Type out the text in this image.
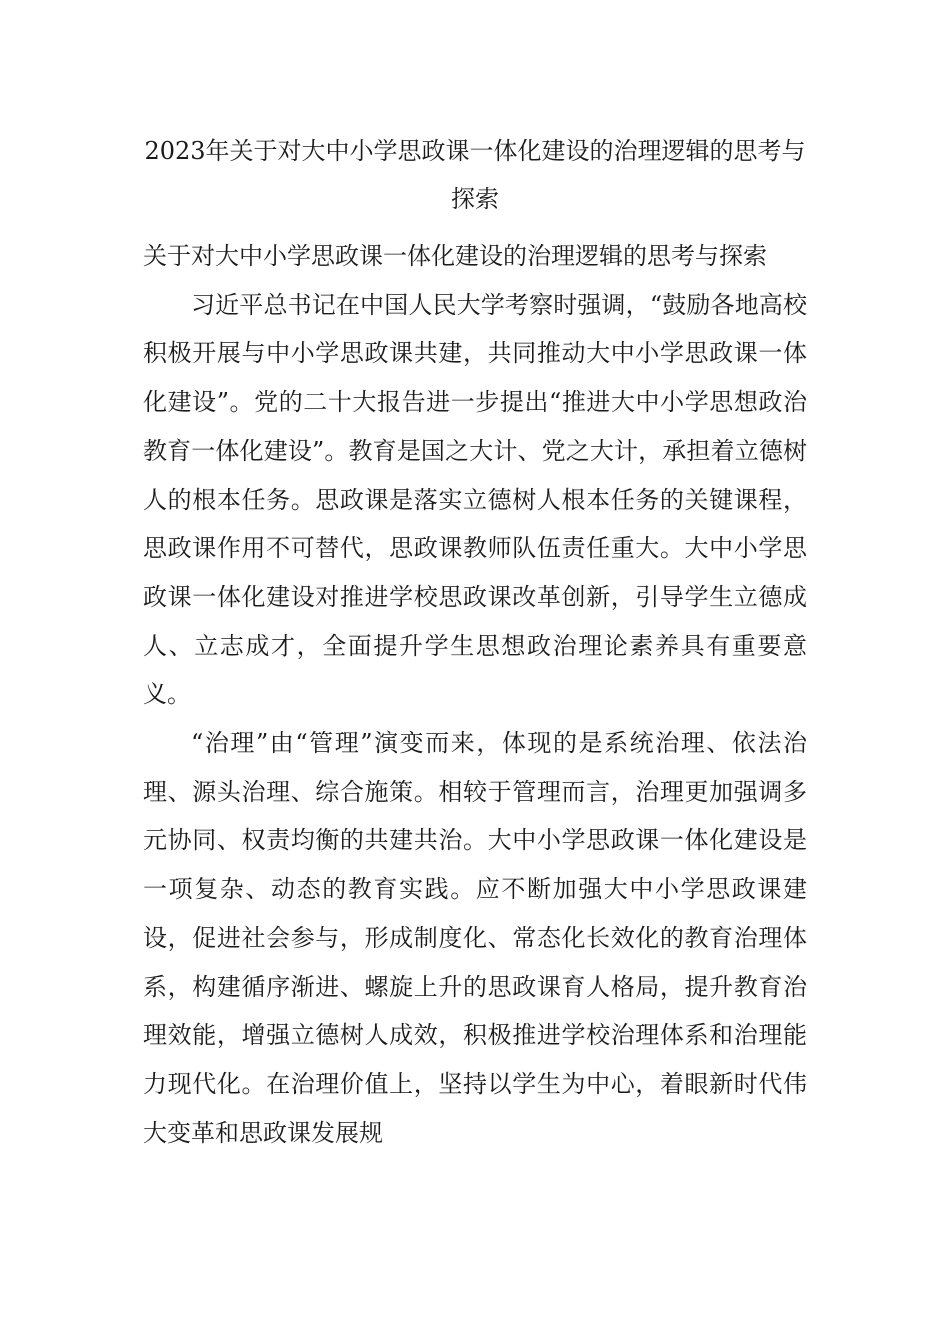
2023年关于对大中小学思政课一体化建设的治理逻辑的思考与探索

关于对大中小学思政课一体化建设的治理逻辑的思考与探索

习近平总书记在中国人民大学考察时强调，“鼓励各地高校积极开展与中小学思政课共建，共同推动大中小学思政课一体化建设”。党的二十大报告进一步提出“推进大中小学思想政治教育一体化建设”。教育是国之大计、党之大计，承担着立德树人的根本任务。思政课是落实立德树人根本任务的关键课程，思政课作用不可替代，思政课教师队伍责任重大。大中小学思政课一体化建设对推进学校思政课改革创新，引导学生立德成人、立志成才，全面提升学生思想政治理论素养具有重要意义。

“治理”由“管理”演变而来，体现的是系统治理、依法治理、源头治理、综合施策。相较于管理而言，治理更加强调多元协同、权责均衡的共建共治。大中小学思政课一体化建设是一项复杂、动态的教育实践。应不断加强大中小学思政课建设，促进社会参与，形成制度化、常态化长效化的教育治理体系，构建循序渐进、螺旋上升的思政课育人格局，提升教育治理效能，增强立德树人成效，积极推进学校治理体系和治理能力现代化。在治理价值上，坚持以学生为中心，着眼新时代伟大变革和思政课发展规
